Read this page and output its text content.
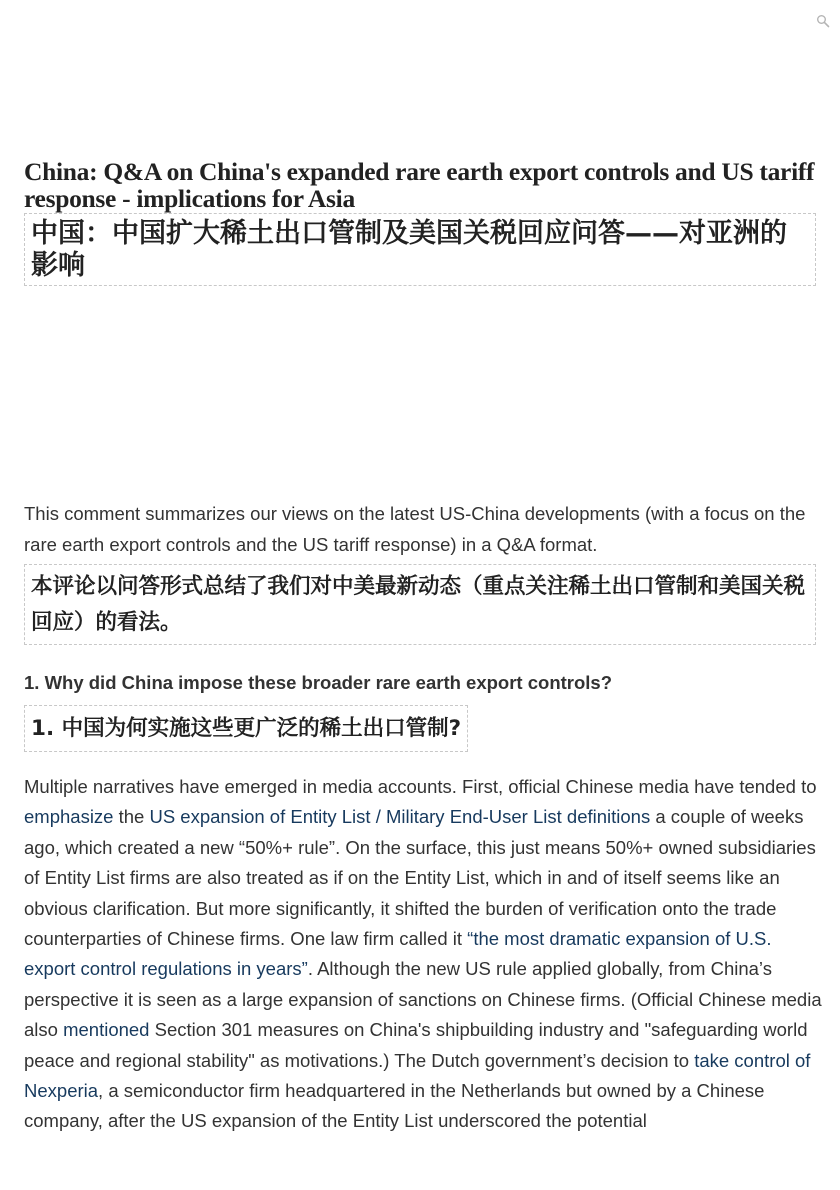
China: Q&A on China's expanded rare earth export controls and US tariff response - implications for Asia
中国：中国扩大稀土出口管制及美国关税回应问答——对亚洲的影响

This comment summarizes our views on the latest US-China developments (with a focus on the rare earth export controls and the US tariff response) in a Q&A format.

本评论以问答形式总结了我们对中美最新动态（重点关注稀土出口管制和美国关税回应）的看法。
1. Why did China impose these broader rare earth export controls?
1. 中国为何实施这些更广泛的稀土出口管制?

Multiple narratives have emerged in media accounts. First, official Chinese media have tended to emphasize the US expansion of Entity List / Military End-User List definitions a couple of weeks ago, which created a new “50%+ rule”. On the surface, this just means 50%+ owned subsidiaries of Entity List firms are also treated as if on the Entity List, which in and of itself seems like an obvious clarification. But more significantly, it shifted the burden of verification onto the trade counterparties of Chinese firms. One law firm called it “the most dramatic expansion of U.S. export control regulations in years”. Although the new US rule applied globally, from China’s perspective it is seen as a large expansion of sanctions on Chinese firms. (Official Chinese media also mentioned Section 301 measures on China's shipbuilding industry and "safeguarding world peace and regional stability" as motivations.) The Dutch government’s decision to take control of Nexperia, a semiconductor firm headquartered in the Netherlands but owned by a Chinese company, after the US expansion of the Entity List underscored the potential
